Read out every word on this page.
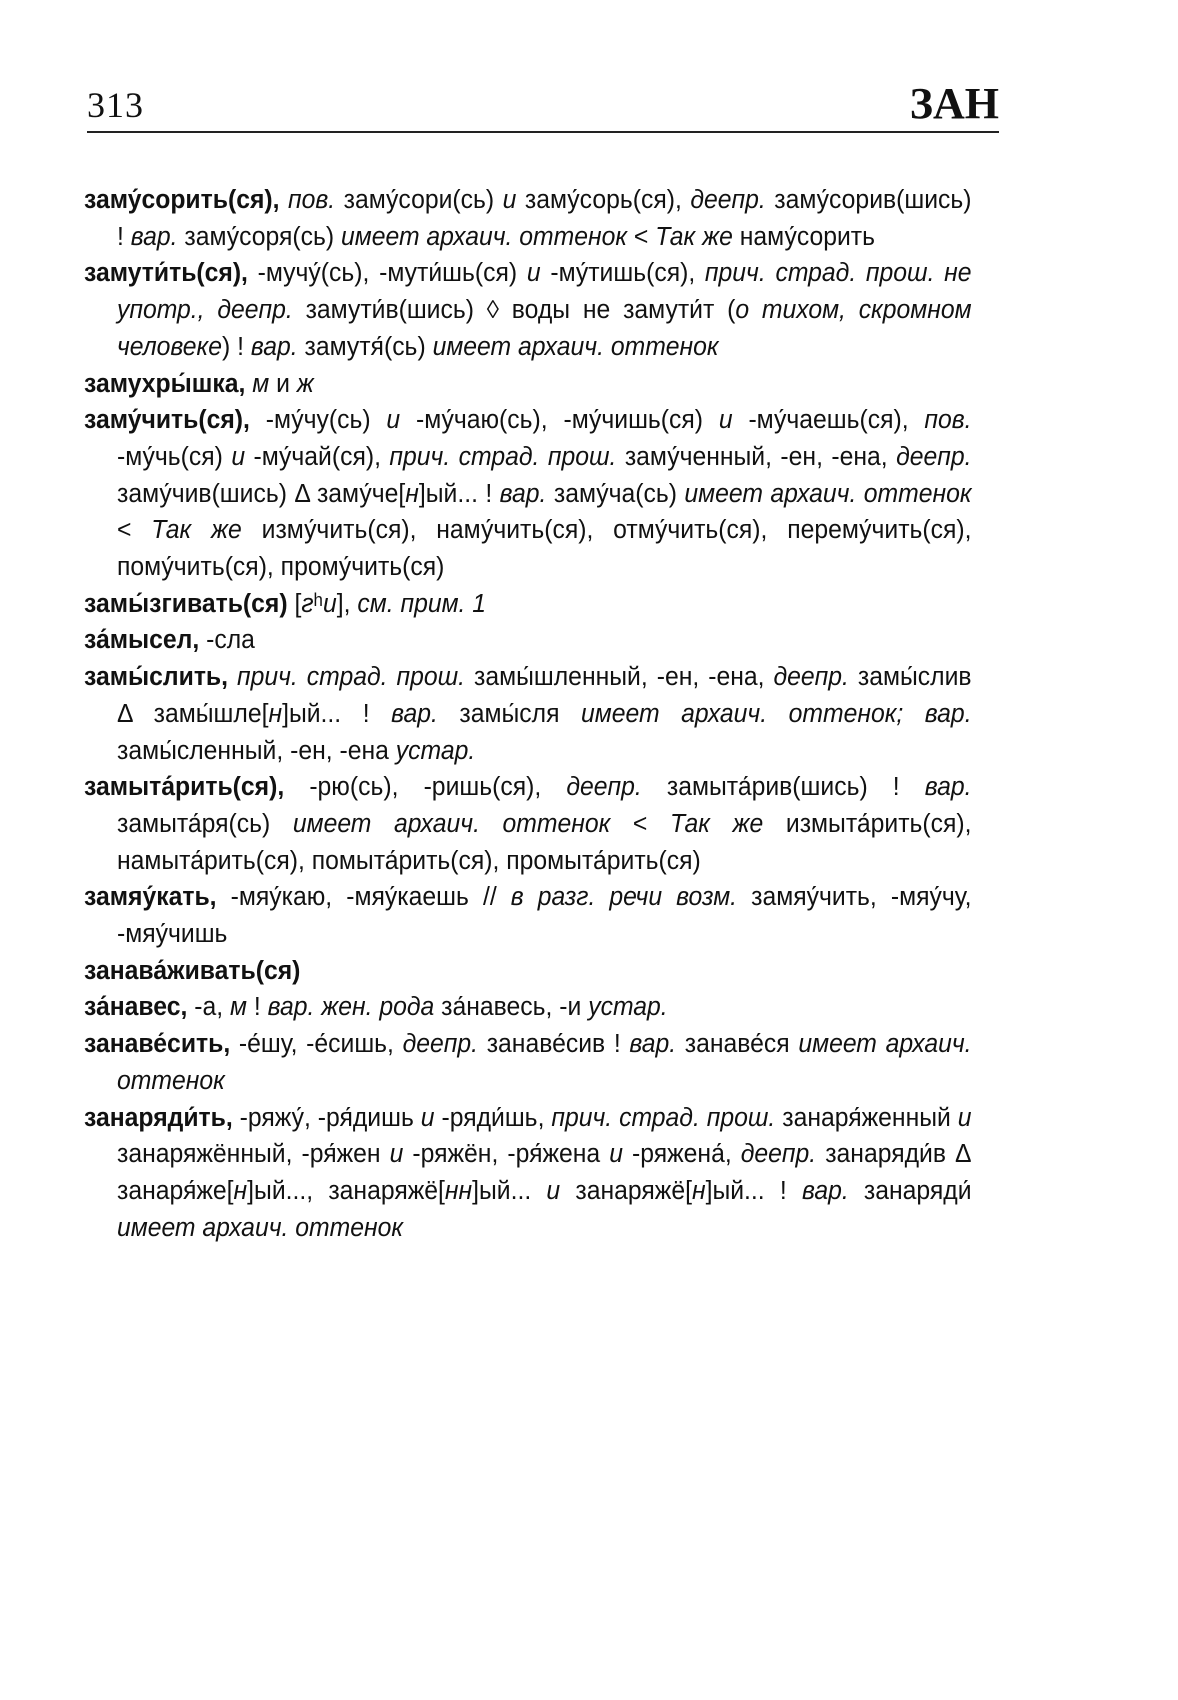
313	ЗАН

заму́сорить(ся), пов. заму́сори(сь) и заму́сорь(ся), деепр. заму́сорив(шись) ! вар. заму́соря(сь) имеет архаич. оттенок < Так же наму́сорить

замути́ть(ся), -мучу́(сь), -мути́шь(ся) и -му́тишь(ся), прич. страд. прош. не употр., деепр. замути́в(шись) ◊ воды не замути́т (о тихом, скромном человеке) ! вар. замутя́(сь) имеет архаич. оттенок

замухры́шка, м и ж

заму́чить(ся), -му́чу(сь) и -му́чаю(сь), -му́чишь(ся) и -му́чаешь(ся), пов. -му́чь(ся) и -му́чай(ся), прич. страд. прош. заму́ченный, -ен, -ена, деепр. заму́чив(шись) Δ заму́че[н]ый... ! вар. заму́ча(сь) имеет архаич. оттенок < Так же изму́чить(ся), наму́чить(ся), отму́чить(ся), перему́чить(ся), пому́чить(ся), прому́чить(ся)

замы́згивать(ся) [гʰи], см. прим. 1

за́мысел, -сла

замы́слить, прич. страд. прош. замы́шленный, -ен, -ена, деепр. замы́слив Δ замы́шле[н]ый... ! вар. замы́сля имеет архаич. оттенок; вар. замы́сленный, -ен, -ена устар.

замыта́рить(ся), -рю(сь), -ришь(ся), деепр. замыта́рив(шись) ! вар. замыта́ря(сь) имеет архаич. оттенок < Так же измыта́рить(ся), намыта́рить(ся), помыта́рить(ся), промыта́рить(ся)

замяу́кать, -мяу́каю, -мяу́каешь // в разг. речи возм. замяу́чить, -мяу́чу, -мяу́чишь

занава́живать(ся)

за́навес, -а, м ! вар. жен. рода за́навесь, -и устар.

занаве́сить, -е́шу, -е́сишь, деепр. занаве́сив ! вар. занаве́ся имеет архаич. оттенок

занаряди́ть, -ряжу́, -ря́дишь и -ряди́шь, прич. страд. прош. занаря́женный и занаряжённый, -ря́жен и -ряжён, -ря́жена и -ряжена́, деепр. занаряди́в Δ занаря́же[н]ый..., занаряжё[нн]ый... и занаряжё[н]ый... ! вар. занаряди́ имеет архаич. оттенок
